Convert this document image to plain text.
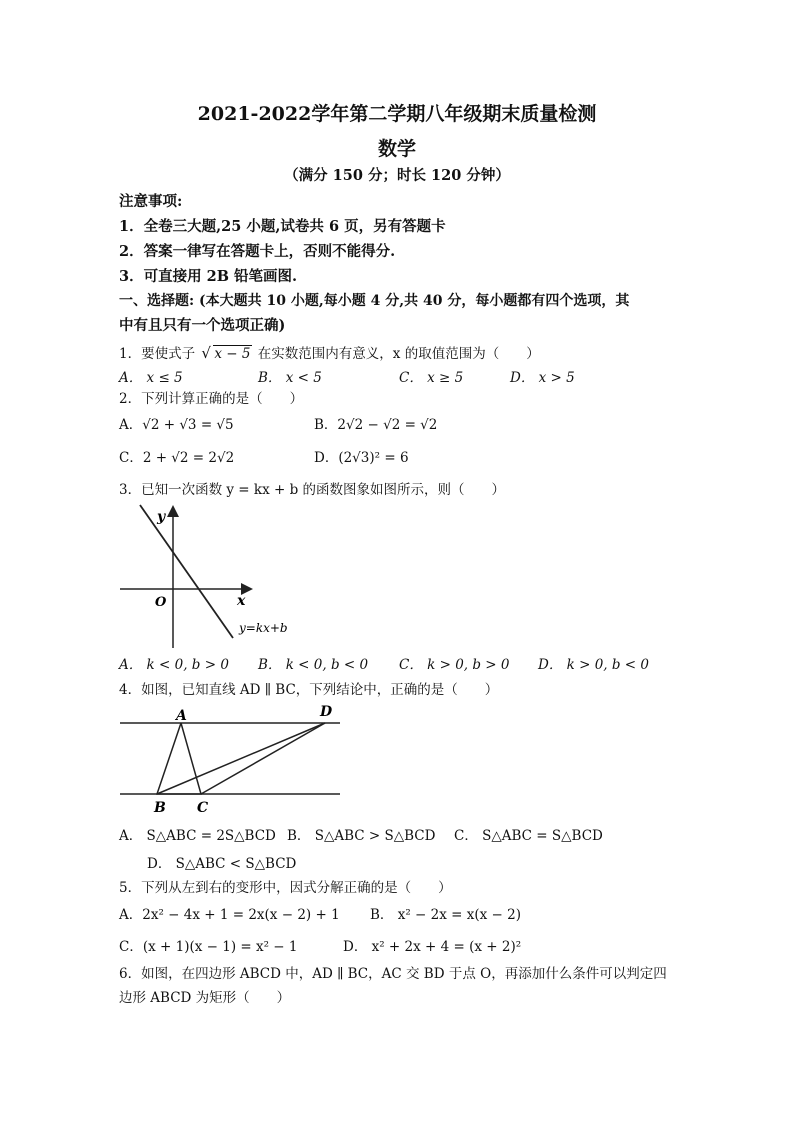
2021-2022学年第二学期八年级期末质量检测
数学
（满分 150 分；时长 120 分钟）
注意事项:
1．全卷三大题,25 小题,试卷共 6 页，另有答题卡
2．答案一律写在答题卡上，否则不能得分.
3．可直接用 2B 铅笔画图.
一、选择题: (本大题共 10 小题,每小题 4 分,共 40 分，每小题都有四个选项，其
中有且只有一个选项正确)
1．要使式子 √ x − 5 在实数范围内有意义，x 的取值范围为（　　）
A． x ≤ 5	B． x < 5	C． x ≥ 5	D． x > 5
2．下列计算正确的是（　　）
A．√2 + √3 = √5	B．2√2 − √2 = √2
C．2 + √2 = 2√2	D．(2√3)² = 6
3．已知一次函数 y = kx + b 的函数图象如图所示，则（　　）
y
x
O
y=kx+b
A． k < 0, b > 0 B． k < 0, b < 0 C． k > 0, b > 0 D． k > 0, b < 0
4．如图，已知直线 AD ∥ BC，下列结论中，正确的是（　　）
A	D
B C
A． S△ABC = 2S△BCD B． S△ABC > S△BCD C． S△ABC = S△BCD
D． S△ABC < S△BCD
5．下列从左到右的变形中，因式分解正确的是（　　）
A．2x² − 4x + 1 = 2x(x − 2) + 1 B． x² − 2x = x(x − 2)
C．(x + 1)(x − 1) = x² − 1	D． x² + 2x + 4 = (x + 2)²
6．如图，在四边形 ABCD 中，AD ∥ BC，AC 交 BD 于点 O，再添加什么条件可以判定四
边形 ABCD 为矩形（　　）
